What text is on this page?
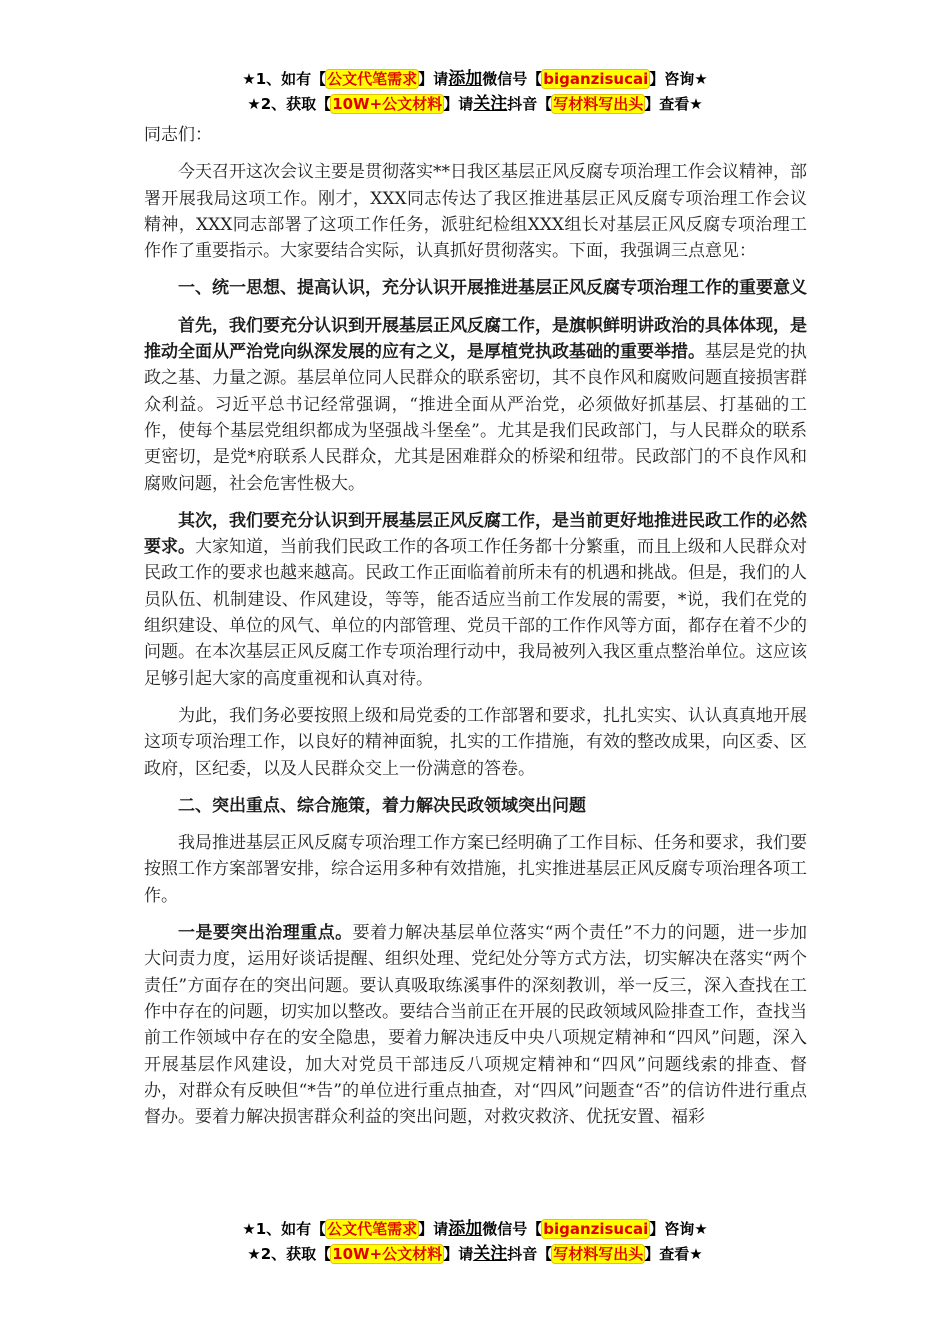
★1、如有【公文代笔需求】请添加微信号【biganzisucai】咨询★
★2、获取【10W+公文材料】请关注抖音【写材料写出头】查看★

同志们：

今天召开这次会议主要是贯彻落实**日我区基层正风反腐专项治理工作会议精神，部署开展我局这项工作。刚才，XXX同志传达了我区推进基层正风反腐专项治理工作会议精神，XXX同志部署了这项工作任务，派驻纪检组XXX组长对基层正风反腐专项治理工作作了重要指示。大家要结合实际，认真抓好贯彻落实。下面，我强调三点意见：

一、统一思想、提高认识，充分认识开展推进基层正风反腐专项治理工作的重要意义

首先，我们要充分认识到开展基层正风反腐工作，是旗帜鲜明讲政治的具体体现，是推动全面从严治党向纵深发展的应有之义，是厚植党执政基础的重要举措。基层是党的执政之基、力量之源。基层单位同人民群众的联系密切，其不良作风和腐败问题直接损害群众利益。习近平总书记经常强调，“推进全面从严治党，必须做好抓基层、打基础的工作，使每个基层党组织都成为坚强战斗堡垒”。尤其是我们民政部门，与人民群众的联系更密切，是党*府联系人民群众，尤其是困难群众的桥梁和纽带。民政部门的不良作风和腐败问题，社会危害性极大。

其次，我们要充分认识到开展基层正风反腐工作，是当前更好地推进民政工作的必然要求。大家知道，当前我们民政工作的各项工作任务都十分繁重，而且上级和人民群众对民政工作的要求也越来越高。民政工作正面临着前所未有的机遇和挑战。但是，我们的人员队伍、机制建设、作风建设，等等，能否适应当前工作发展的需要，*说，我们在党的组织建设、单位的风气、单位的内部管理、党员干部的工作作风等方面，都存在着不少的问题。在本次基层正风反腐工作专项治理行动中，我局被列入我区重点整治单位。这应该足够引起大家的高度重视和认真对待。

为此，我们务必要按照上级和局党委的工作部署和要求，扎扎实实、认认真真地开展这项专项治理工作，以良好的精神面貌，扎实的工作措施，有效的整改成果，向区委、区政府，区纪委，以及人民群众交上一份满意的答卷。

二、突出重点、综合施策，着力解决民政领域突出问题

我局推进基层正风反腐专项治理工作方案已经明确了工作目标、任务和要求，我们要按照工作方案部署安排，综合运用多种有效措施，扎实推进基层正风反腐专项治理各项工作。

一是要突出治理重点。要着力解决基层单位落实“两个责任”不力的问题，进一步加大问责力度，运用好谈话提醒、组织处理、党纪处分等方式方法，切实解决在落实“两个责任”方面存在的突出问题。要认真吸取练溪事件的深刻教训，举一反三，深入查找在工作中存在的问题，切实加以整改。要结合当前正在开展的民政领域风险排查工作，查找当前工作领域中存在的安全隐患，要着力解决违反中央八项规定精神和“四风”问题，深入开展基层作风建设，加大对党员干部违反八项规定精神和“四风”问题线索的排查、督办，对群众有反映但“*告”的单位进行重点抽查，对“四风”问题查“否”的信访件进行重点督办。要着力解决损害群众利益的突出问题，对救灾救济、优抚安置、福彩

★1、如有【公文代笔需求】请添加微信号【biganzisucai】咨询★
★2、获取【10W+公文材料】请关注抖音【写材料写出头】查看★
